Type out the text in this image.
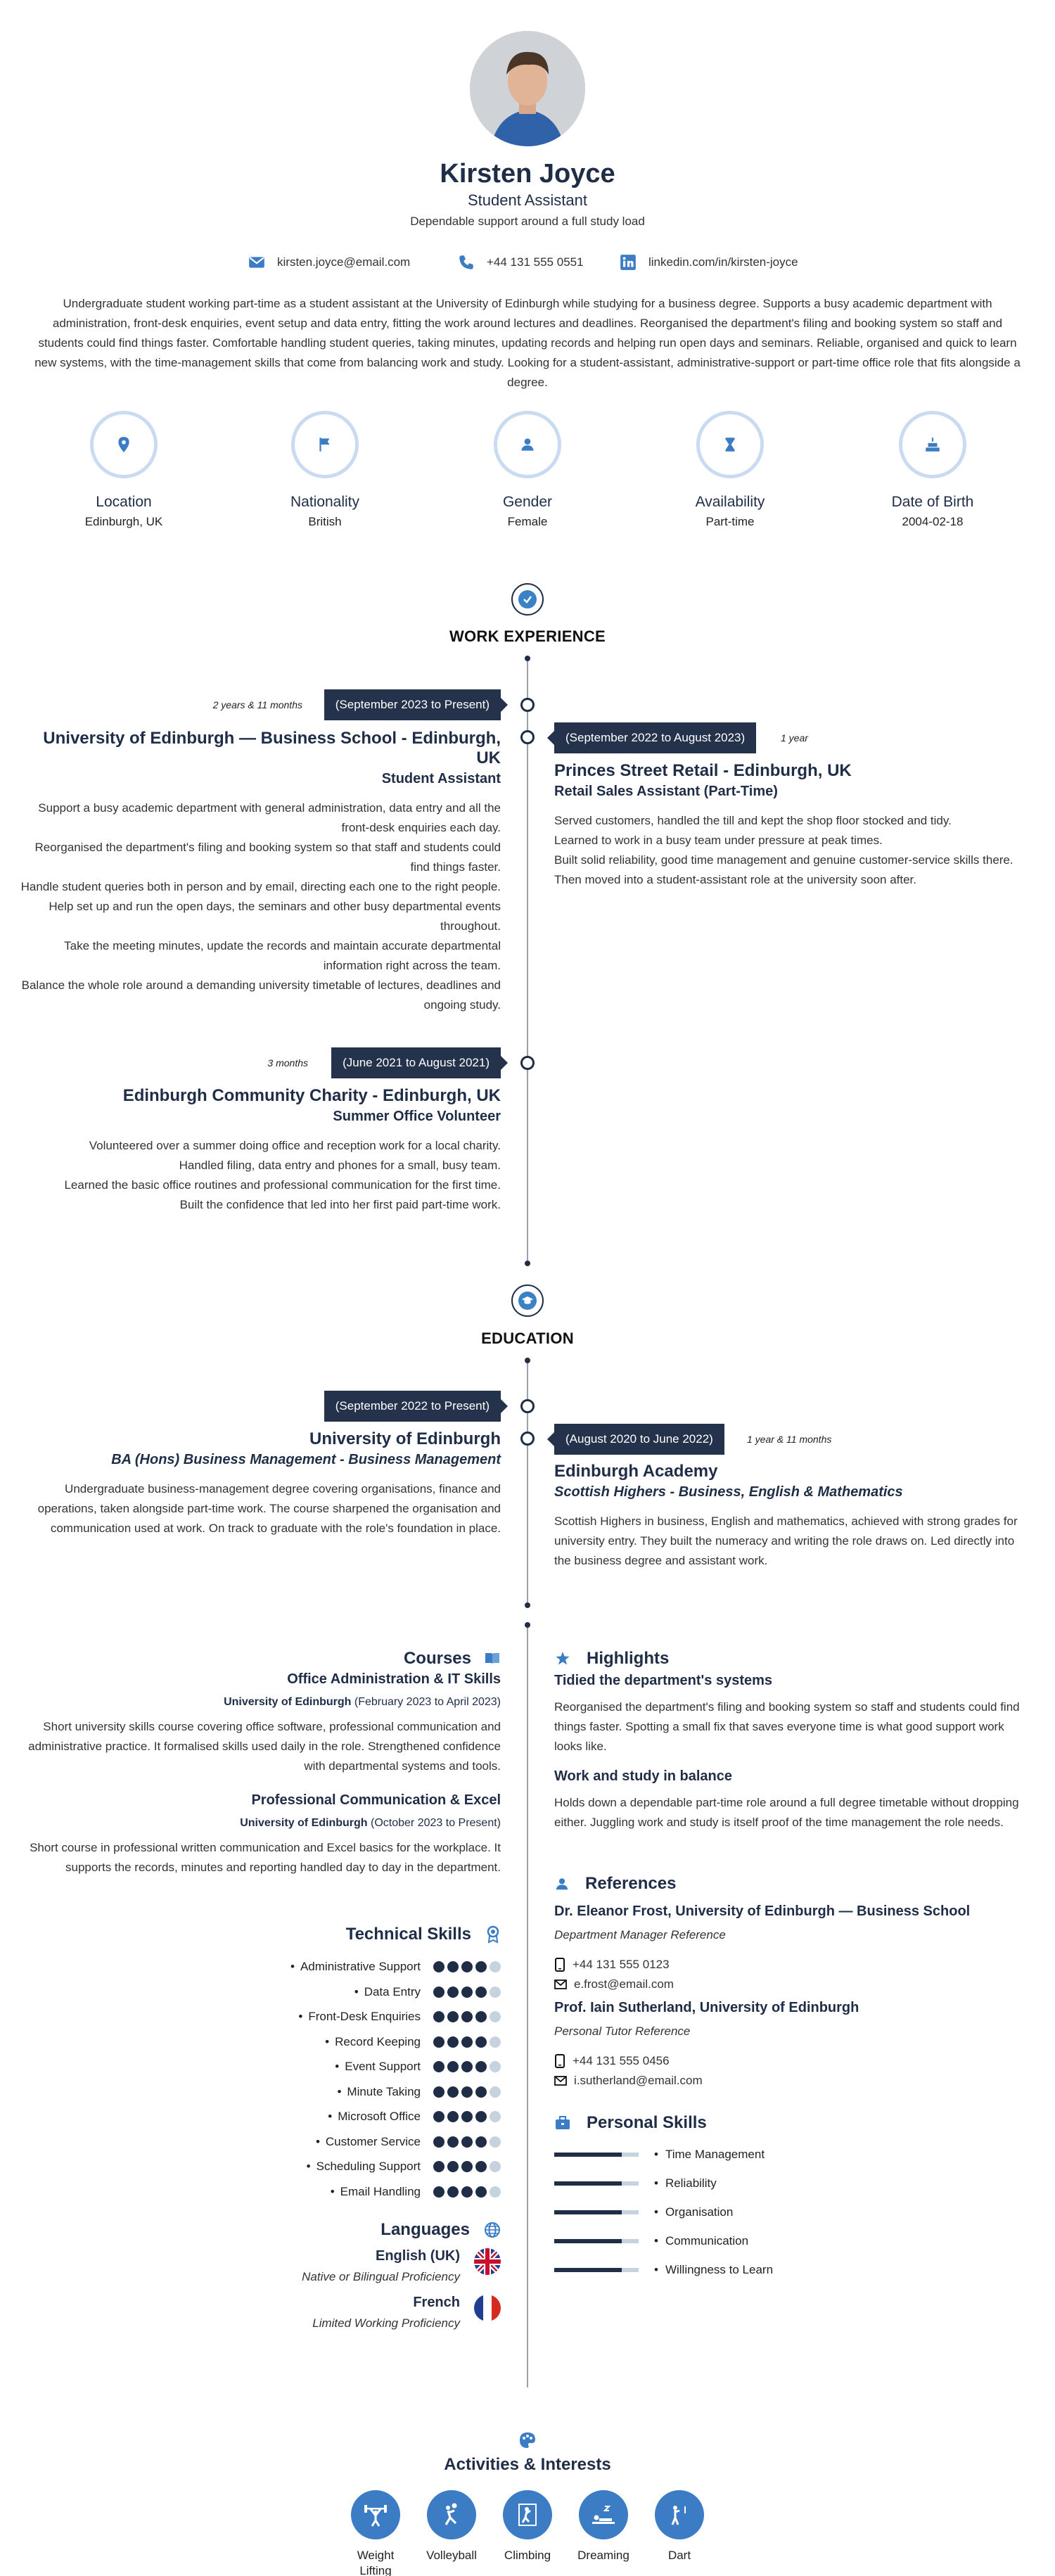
Kirsten Joyce
Student Assistant
Dependable support around a full study load
kirsten.joyce@email.com	+44 131 555 0551	linkedin.com/in/kirsten-joyce
Undergraduate student working part-time as a student assistant at the University of Edinburgh while studying for a business degree. Supports a busy academic department with administration, front-desk enquiries, event setup and data entry, fitting the work around lectures and deadlines. Reorganised the department's filing and booking system so staff and students could find things faster. Comfortable handling student queries, taking minutes, updating records and helping run open days and seminars. Reliable, organised and quick to learn new systems, with the time-management skills that come from balancing work and study. Looking for a student-assistant, administrative-support or part-time office role that fits alongside a degree.
Location
Edinburgh, UK
Nationality
British
Gender
Female
Availability
Part-time
Date of Birth
2004-02-18
WORK EXPERIENCE
2 years & 11 months	(September 2023 to Present)
University of Edinburgh — Business School - Edinburgh, UK
Student Assistant
Support a busy academic department with general administration, data entry and all the front-desk enquiries each day.
Reorganised the department's filing and booking system so that staff and students could find things faster.
Handle student queries both in person and by email, directing each one to the right people.
Help set up and run the open days, the seminars and other busy departmental events throughout.
Take the meeting minutes, update the records and maintain accurate departmental information right across the team.
Balance the whole role around a demanding university timetable of lectures, deadlines and ongoing study.
(September 2022 to August 2023)	1 year
Princes Street Retail - Edinburgh, UK
Retail Sales Assistant (Part-Time)
Served customers, handled the till and kept the shop floor stocked and tidy.
Learned to work in a busy team under pressure at peak times.
Built solid reliability, good time management and genuine customer-service skills there.
Then moved into a student-assistant role at the university soon after.
3 months	(June 2021 to August 2021)
Edinburgh Community Charity - Edinburgh, UK
Summer Office Volunteer
Volunteered over a summer doing office and reception work for a local charity.
Handled filing, data entry and phones for a small, busy team.
Learned the basic office routines and professional communication for the first time.
Built the confidence that led into her first paid part-time work.
EDUCATION
(September 2022 to Present)
University of Edinburgh
BA (Hons) Business Management - Business Management
Undergraduate business-management degree covering organisations, finance and operations, taken alongside part-time work. The course sharpened the organisation and communication used at work. On track to graduate with the role's foundation in place.
(August 2020 to June 2022)	1 year & 11 months
Edinburgh Academy
Scottish Highers - Business, English & Mathematics
Scottish Highers in business, English and mathematics, achieved with strong grades for university entry. They built the numeracy and writing the role draws on. Led directly into the business degree and assistant work.
Courses
Office Administration & IT Skills
University of Edinburgh (February 2023 to April 2023)
Short university skills course covering office software, professional communication and administrative practice. It formalised skills used daily in the role. Strengthened confidence with departmental systems and tools.
Professional Communication & Excel
University of Edinburgh (October 2023 to Present)
Short course in professional written communication and Excel basics for the workplace. It supports the records, minutes and reporting handled day to day in the department.
Technical Skills
• Administrative Support
• Data Entry
• Front-Desk Enquiries
• Record Keeping
• Event Support
• Minute Taking
• Microsoft Office
• Customer Service
• Scheduling Support
• Email Handling
Languages
English (UK)
Native or Bilingual Proficiency
French
Limited Working Proficiency
Highlights
Tidied the department's systems
Reorganised the department's filing and booking system so staff and students could find things faster. Spotting a small fix that saves everyone time is what good support work looks like.
Work and study in balance
Holds down a dependable part-time role around a full degree timetable without dropping either. Juggling work and study is itself proof of the time management the role needs.
References
Dr. Eleanor Frost, University of Edinburgh — Business School
Department Manager Reference
+44 131 555 0123
e.frost@email.com
Prof. Iain Sutherland, University of Edinburgh
Personal Tutor Reference
+44 131 555 0456
i.sutherland@email.com
Personal Skills
• Time Management
• Reliability
• Organisation
• Communication
• Willingness to Learn
Activities & Interests
Weight Lifting
Volleyball	Climbing	Dreaming	Dart
